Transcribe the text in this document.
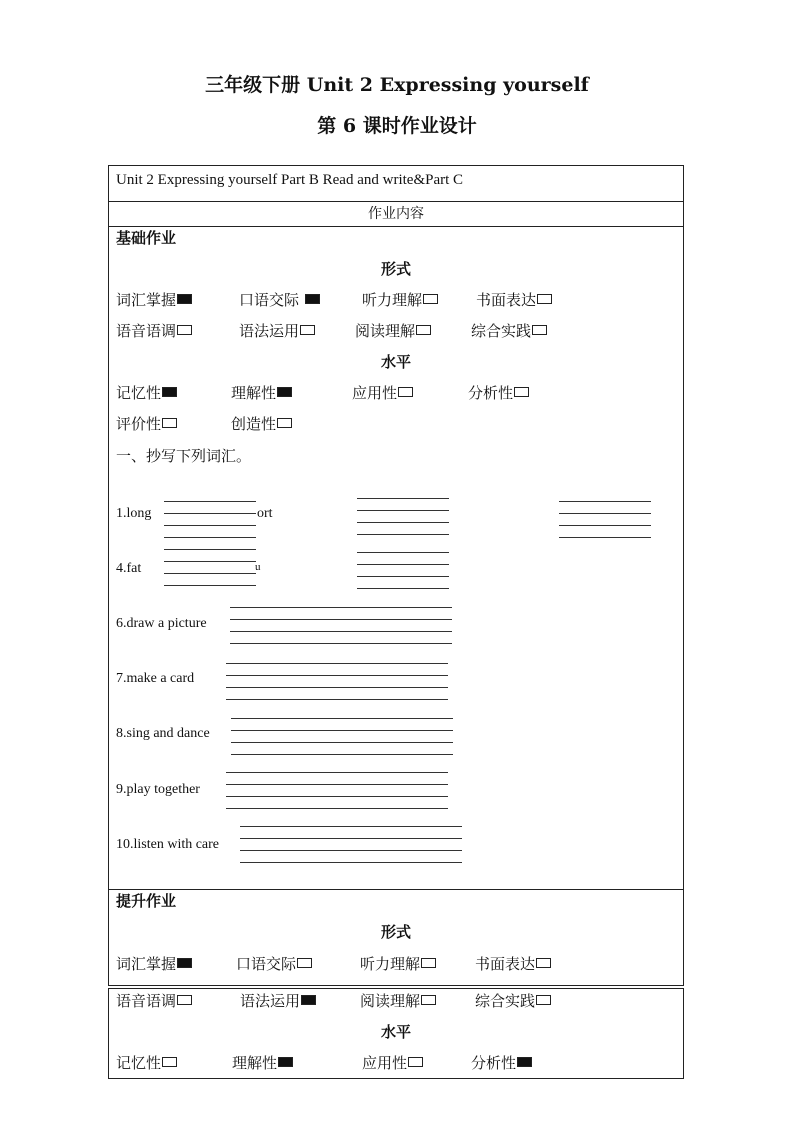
三年级下册 Unit 2 Expressing yourself
第 6 课时作业设计
Unit 2 Expressing yourself Part B Read and write&Part C
作业内容
基础作业
形式
词汇掌握	口语交际	听力理解	书面表达
语音语调	语法运用	阅读理解	综合实践
水平
记忆性	理解性	应用性	分析性
评价性	创造性
一、抄写下列词汇。
1.long	ort
4.fat	u
6.draw a picture
7.make a card
8.sing and dance
9.play together
10.listen with care
提升作业
形式
词汇掌握	口语交际	听力理解	书面表达
语音语调	语法运用	阅读理解	综合实践
水平
记忆性	理解性	应用性	分析性
